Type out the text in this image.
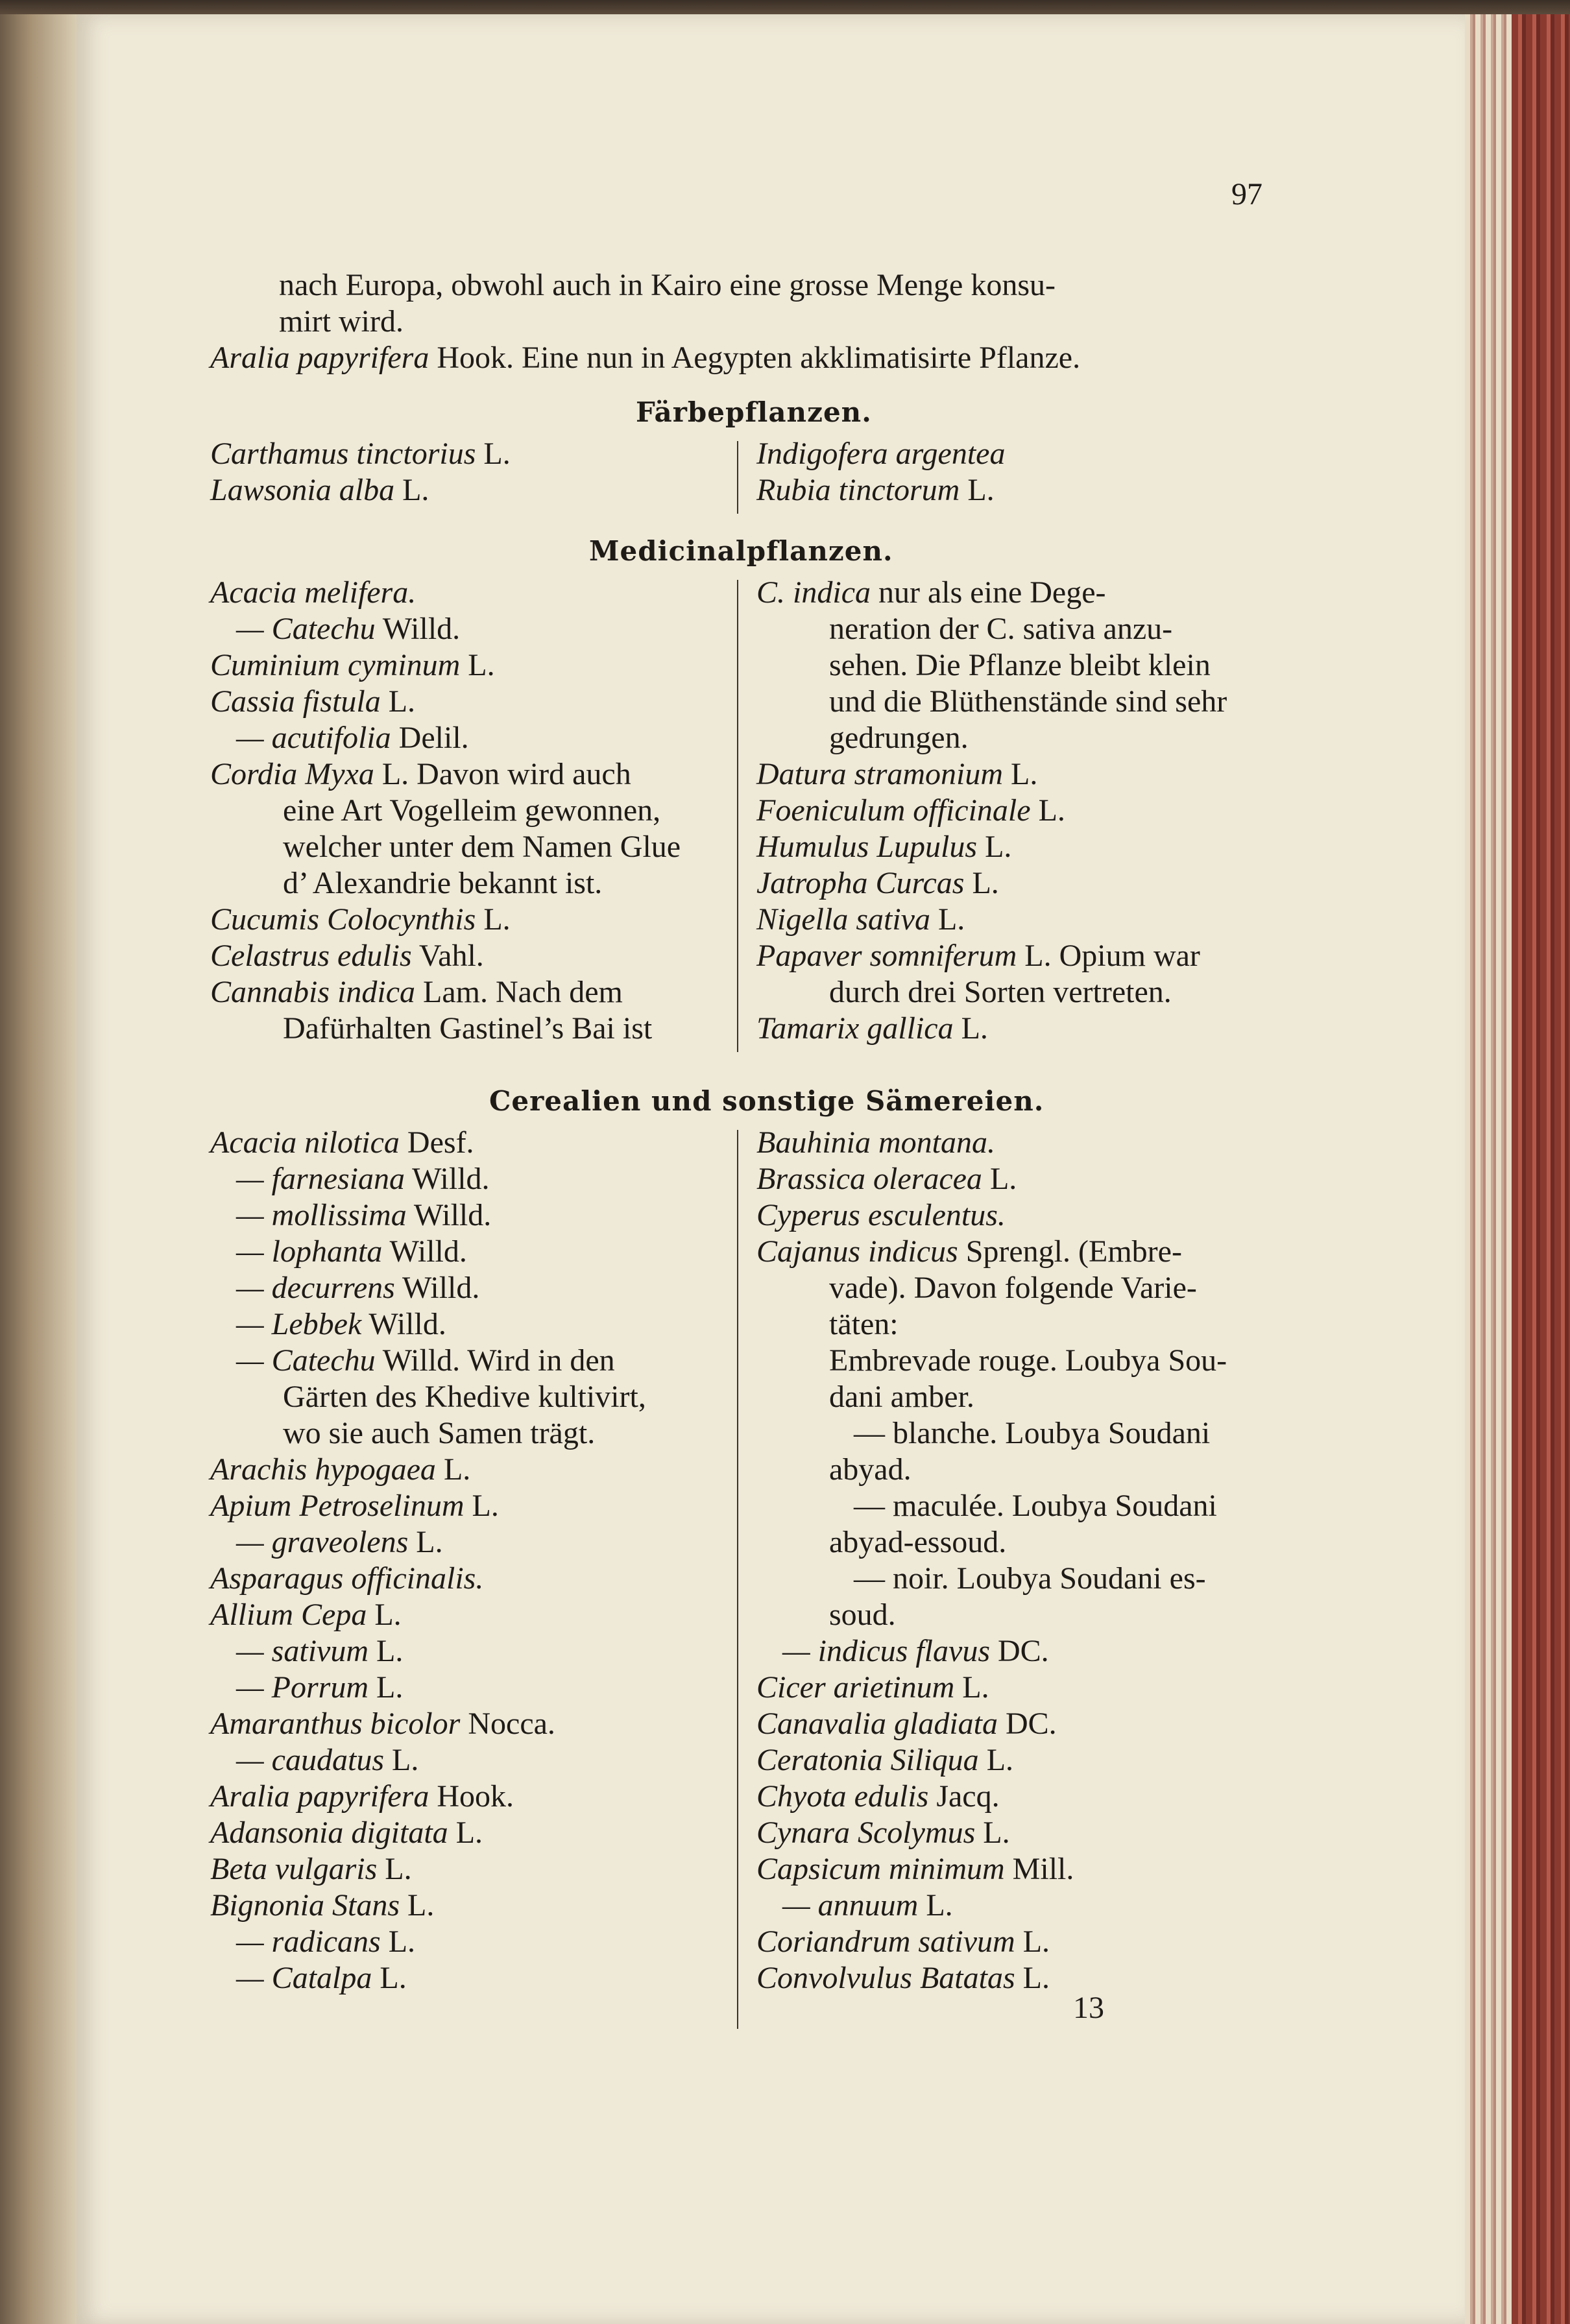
97
nach Europa, obwohl auch in Kairo eine grosse Menge konsu-
mirt wird.
Aralia papyrifera Hook. Eine nun in Aegypten akklimatisirte Pflanze.
Färbepflanzen.
Carthamus tinctorius L.
Lawsonia alba L.
Indigofera argentea
Rubia tinctorum L.
Medicinalpflanzen.
Acacia melifera.
— Catechu Willd.
Cuminium cyminum L.
Cassia fistula L.
— acutifolia Delil.
Cordia Myxa L. Davon wird auch
eine Art Vogelleim gewonnen,
welcher unter dem Namen Glue
d’ Alexandrie bekannt ist.
Cucumis Colocynthis L.
Celastrus edulis Vahl.
Cannabis indica Lam. Nach dem
Dafürhalten Gastinel’s Bai ist
C. indica nur als eine Dege-
neration der C. sativa anzu-
sehen. Die Pflanze bleibt klein
und die Blüthenstände sind sehr
gedrungen.
Datura stramonium L.
Foeniculum officinale L.
Humulus Lupulus L.
Jatropha Curcas L.
Nigella sativa L.
Papaver somniferum L. Opium war
durch drei Sorten vertreten.
Tamarix gallica L.
Cerealien und sonstige Sämereien.
Acacia nilotica Desf.
— farnesiana Willd.
— mollissima Willd.
— lophanta Willd.
— decurrens Willd.
— Lebbek Willd.
— Catechu Willd. Wird in den
Gärten des Khedive kultivirt,
wo sie auch Samen trägt.
Arachis hypogaea L.
Apium Petroselinum L.
— graveolens L.
Asparagus officinalis.
Allium Cepa L.
— sativum L.
— Porrum L.
Amaranthus bicolor Nocca.
— caudatus L.
Aralia papyrifera Hook.
Adansonia digitata L.
Beta vulgaris L.
Bignonia Stans L.
— radicans L.
— Catalpa L.
Bauhinia montana.
Brassica oleracea L.
Cyperus esculentus.
Cajanus indicus Sprengl. (Embre-
vade). Davon folgende Varie-
täten:
Embrevade rouge. Loubya Sou-
dani amber.
— blanche. Loubya Soudani
abyad.
— maculée. Loubya Soudani
abyad-essoud.
— noir. Loubya Soudani es-
soud.
— indicus flavus DC.
Cicer arietinum L.
Canavalia gladiata DC.
Ceratonia Siliqua L.
Chyota edulis Jacq.
Cynara Scolymus L.
Capsicum minimum Mill.
— annuum L.
Coriandrum sativum L.
Convolvulus Batatas L.
13
